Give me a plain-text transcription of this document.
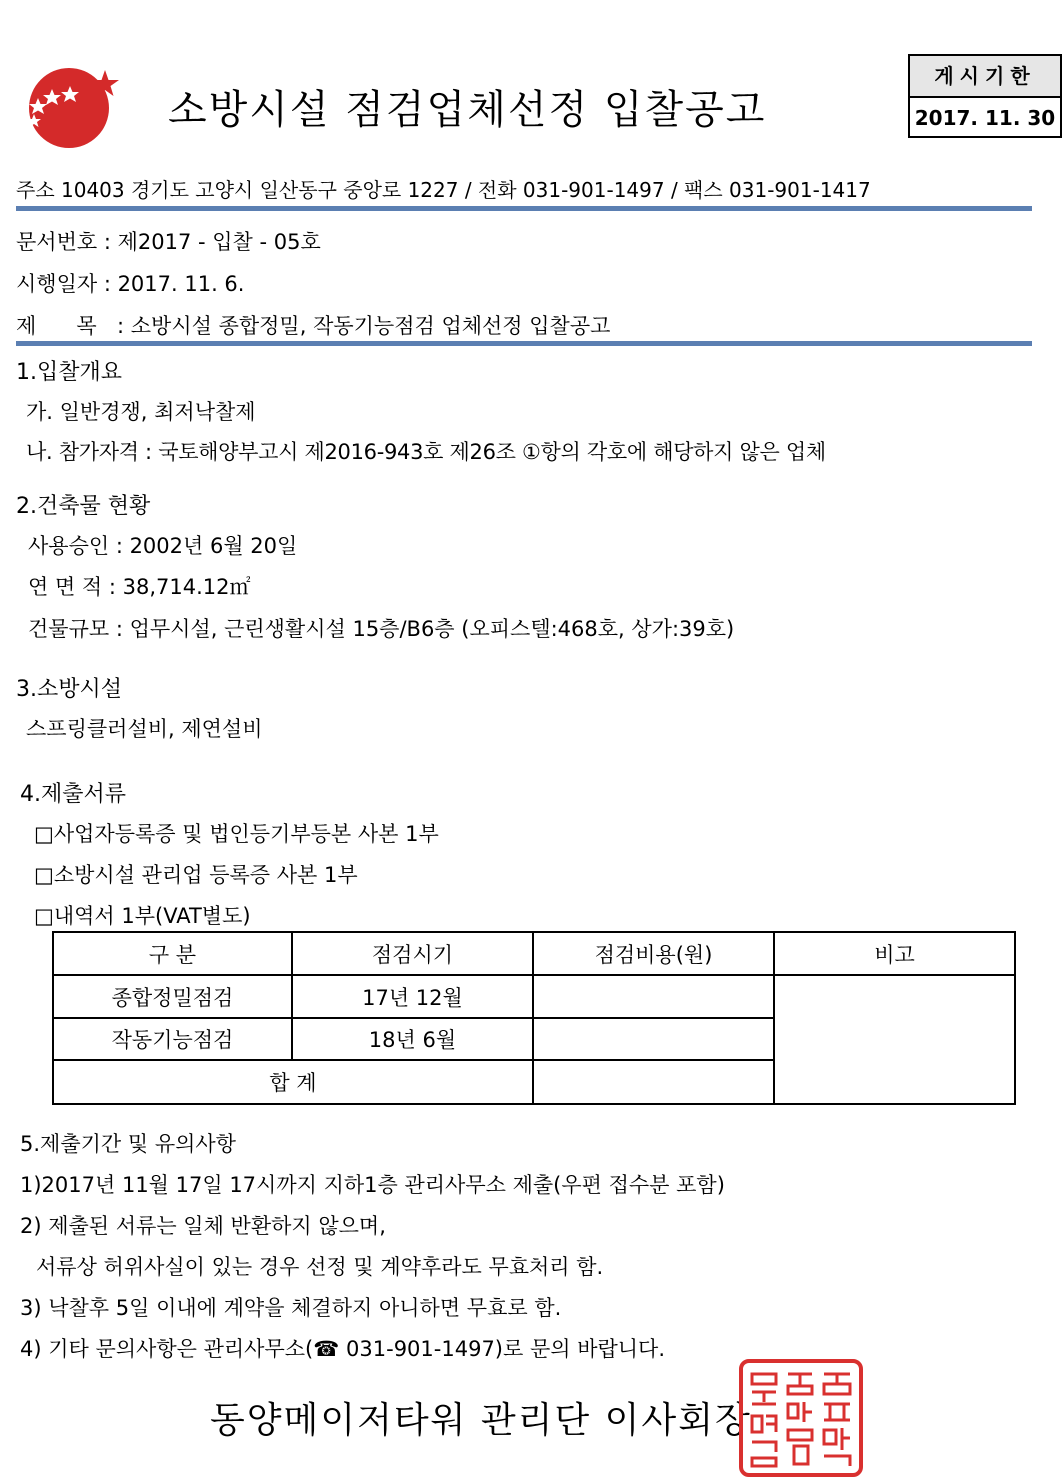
소방시설 점검업체선정 입찰공고
게시기한
2017. 11. 30
주소 10403 경기도 고양시 일산동구 중앙로 1227 / 전화 031-901-1497 / 팩스 031-901-1417
문서번호 : 제2017 - 입찰 - 05호
시행일자 : 2017. 11. 6.
제      목 : 소방시설 종합정밀, 작동기능점검 업체선정 입찰공고
1.입찰개요
가. 일반경쟁, 최저낙찰제
나. 참가자격 : 국토해양부고시 제2016-943호 제26조 ①항의 각호에 해당하지 않은 업체
2.건축물 현황
사용승인 : 2002년 6월 20일
연 면 적 : 38,714.12㎡
건물규모 : 업무시설, 근린생활시설 15층/B6층 (오피스텔:468호, 상가:39호)
3.소방시설
스프링클러설비, 제연설비
4.제출서류
□사업자등록증 및 법인등기부등본 사본 1부
□소방시설 관리업 등록증 사본 1부
□내역서 1부(VAT별도)
구 분	점검시기	점검비용(원)	비고
종합정밀점검	17년 12월		
작동기능점검	18년 6월		
합 계			
5.제출기간 및 유의사항
1)2017년 11월 17일 17시까지 지하1층 관리사무소 제출(우편 접수분 포함)
2) 제출된 서류는 일체 반환하지 않으며,
서류상 허위사실이 있는 경우 선정 및 계약후라도 무효처리 함.
3) 낙찰후 5일 이내에 계약을 체결하지 아니하면 무효로 함.
4) 기타 문의사항은 관리사무소(☎ 031-901-1497)로 문의 바랍니다.
동양메이저타워 관리단 이사회장
